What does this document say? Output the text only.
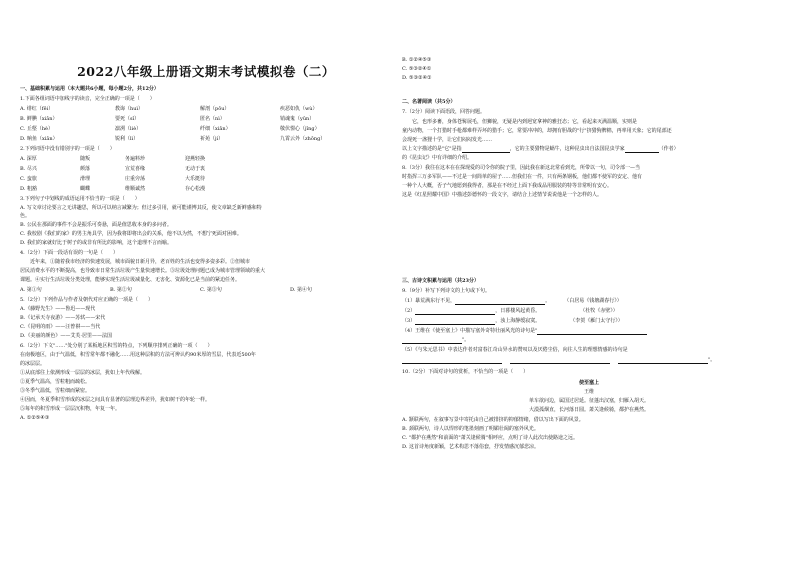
2022八年级上册语文期末考试模拟卷（二）
一、基础积累与运用（本大题共6小题，每小题2分，共12分）
1.下面各组词语中加线字的读音，完全正确的一项是（　　）
A. 绯红（fēi）	教诲（huì）	解剖（pōu）	疾恶如仇（wù）
B. 鲜腆（xiǎn）	要死（sǐ）	匿名（nì）	销魂鬼（yǔn）
C. 丘壑（hè）	凛冽（liè）	纤细（xiān）	敬伏憬心（jǐng）
D. 晌鱼（xiǎn）	锐利（lì）	祈苑（jí）	九霄云外（zhōng）
2.下列词语中没有错别字的一项是（　　）
A. 深厚	随叛	务遍料珍	迎燕轻换
B. 尽兴	颜落	宣荒喜缘	无动于衷
C. 蛮旅	滑理	庄重旁荡	大乐挺待
D. 粗豁	蝴蝶	维顺诚然	存心松漫
3.下列句子中划线的成语运用不恰当的一项是（　　）
A. 写文章讨论要言之无讲趣思，所以可以纳言减繁为；但过多引用，就可能谨博其反，使文章缺乏新鲜感和特
色。
B. 公民在那面的事件不会是振乐可奏悬，面是值思收本身的多问者。
C. 我校剧《我们的家》的男主角具学，因为我将即将出会的关系，他不以为然，不想宁死面对困难。
D. 我们的家就好比于树子的或非有所比的影响，这个道理不言而喻。
4.（2分）下面一段话有误的一句是（　　）
　　近年来，①随着我市经济的快速发展，城市面貌日新月异，老百姓的生活也变得多姿多彩。②但城市
居民消费水平的不断提高，也导致市日常生活垃圾产生量快速增长。③垃圾处理问题已成为城市管理领域的重大
课题。④实行生活垃圾分类处理，能够实现生活垃圾减量化、无害化、资源化已是当前的紧迫任务。
A. 第①句	B. 第②句	C. 第③句	D. 第④句
5.（2分）下列作品与作者及朝代对应正确的一项是（　　）
A.《藤野先生》——鲁迅——现代
B.《记承天寺夜游》——苏轼——宋代
C.《昆明的雨》——汪曾祺——当代
D.《美丽的颜色》——艾芙·居里——法国
6.（2分）下文"……"处分别了某板地区积雪的特点，下列顺序排列正确的一项（　　）
在南极地区，由于气温低，积雪常年都不融化……用这种层积的方法可辨认约90米厚的雪层，代表近500年
的冰层层。
①从底部往上依测形成一层层的冰层，犹如上年代线解。
②夏季气温高，雪粒粗而疏松。
③冬季气温低，雪粒细而紧密。
④因而，冬夏季积雪形成的冰层之间具有显著的层理边界差异，犹如树干的年轮一样。
⑤每年的积雪形成一层层沉积物，年复一年。
A. ①②⑤④③
B. ①②④⑤③
C. ⑤③②④①
D. ⑤③②④①
二、名著阅读（共5分）
7.（2分）阅读下面语段，回答问题。
　　它，也形多畜，身体苍髯展毛，但狮貌，无疑是内到迥宽拿神的雅狂态；它，看起来灭满温顺，实则是
童内动物，一个打猎时手枪都难样弄坏的猎手；它，常要冲冲的，却拥有胆战的"行"挤猎狗脾棉，再率用天象；它的尾部还
会现死一盏狸十学，让它们闷闷发光……
以上文字描述的是"它"是指	，它的主要猎物是蜗牛，这种昆虫出自法国昆虫学家	（作者）
的《昆虫记》中有详细的介绍。
8.（3分）我往在这本在在探现爱的司令你的院子里，因此我在新这北常看到光，所带以一句，司令部一—当
时指挥三万多军队——不过是一间简单的屋子……但我们在一件，只有两条钢板，他们都不使军的安定、他有
一种个人大概，否子气地愿到我得者，那是在不经过上面下我成品用服装的特等非常明有安心。
这是《红星照耀中国》中描述彭德怀的一段文字，请结合上述情节说说他是一个怎样的人。
三、古诗文积累与运用（共23分）
9.（9分）补写下列诗文的上句或下句。
（1）暴荒满东行不见，	。	（白居易《钱塘湖春行》）
（2）	，日暮楼风起黄昏。	（杜牧《赤壁》）
（3）	，浊上海静缓寂寞。	（李贺《雁门太守行》）
（4）王维在《使至塞上》中描写塞外奇特壮丽风光的诗句是"
"。
（5）《与朱元思书》中表达作者对富春江奇山异水的赞叹以及厌倦尘俗，向往人生的理想情感的诗句是
"。
10.（2分）下面对诗句的赏析，不恰当的一项是（　　）
使至塞上
王维
单车欲问边，属国过居延。征蓬出汉塞，归雁入胡天。
大漠孤烟直，长河落日圆。萧关逢候骑，都护在燕然。
A. 颔联两句，在叙事写景中寄托由自己被排挤的抑郁情绪，借以写出下面的风景。
B. 颈联两句，诗人以悍形的笔墨刻画了明媚壮阔的塞外风光。
C. "都护在燕然"和前面的"萧关逢候骑"相呼应，点明了诗人此次出使路途之远。
D. 这首诗角度新颖，艺术构思不落俗套，抒发情感沉郁悲凉。
